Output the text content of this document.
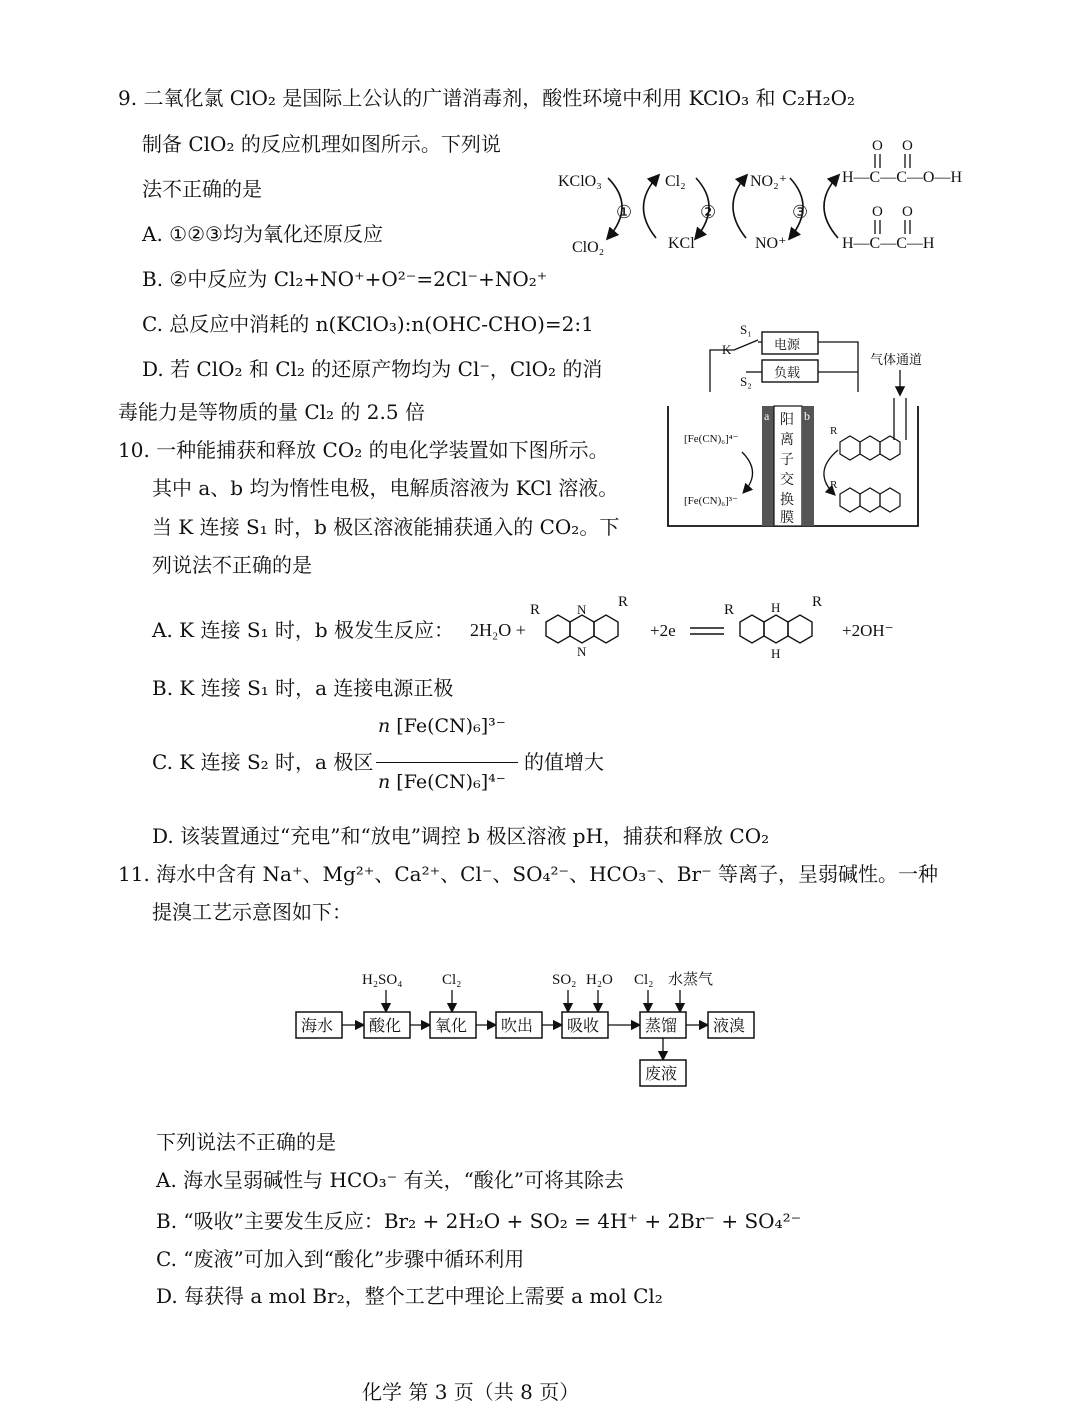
9. 二氧化氯 ClO₂ 是国际上公认的广谱消毒剂，酸性环境中利用 KClO₃ 和 C₂H₂O₂
制备 ClO₂ 的反应机理如图所示。下列说
法不正确的是
A. ①②③均为氧化还原反应
B. ②中反应为 Cl₂+NO⁺+O²⁻=2Cl⁻+NO₂⁺
C. 总反应中消耗的 n(KClO₃):n(OHC-CHO)=2:1
D. 若 ClO₂ 和 Cl₂ 的还原产物均为 Cl⁻，ClO₂ 的消
毒能力是等物质的量 Cl₂ 的 2.5 倍
KClO₃
ClO₂
Cl₂
KCl
NO₂⁺
NO⁺
①	②	③
H—C—C—O—H
O O
H—C—C—H
O O
10. 一种能捕获和释放 CO₂ 的电化学装置如下图所示。
其中 a、b 均为惰性电极，电解质溶液为 KCl 溶液。
当 K 连接 S₁ 时，b 极区溶液能捕获通入的 CO₂。下
列说法不正确的是
S₁
K
S₂
电源
负载
气体通道
阳
离
子
交
换
膜
a	b
[Fe(CN)₆]⁴⁻
[Fe(CN)₆]³⁻
R
R
A. K 连接 S₁ 时，b 极发生反应： 2H₂O +
R	N
N
R
+2e
R	H
H
R
+2OH⁻
B. K 连接 S₁ 时，a 连接电源正极
C. K 连接 S₂ 时，a 极区
n [Fe(CN)₆]³⁻
n [Fe(CN)₆]⁴⁻
的值增大
D. 该装置通过“充电”和“放电”调控 b 极区溶液 pH，捕获和释放 CO₂
11. 海水中含有 Na⁺、Mg²⁺、Ca²⁺、Cl⁻、SO₄²⁻、HCO₃⁻、Br⁻ 等离子，呈弱碱性。一种
提溴工艺示意图如下：
H₂SO₄	Cl₂	SO₂ H₂O Cl₂ 水蒸气
海水 酸化 氧化 吹出 吸收	蒸馏 液溴
废液
下列说法不正确的是
A. 海水呈弱碱性与 HCO₃⁻ 有关，“酸化”可将其除去
B. “吸收”主要发生反应：Br₂ + 2H₂O + SO₂ = 4H⁺ + 2Br⁻ + SO₄²⁻
C. “废液”可加入到“酸化”步骤中循环利用
D. 每获得 a mol Br₂，整个工艺中理论上需要 a mol Cl₂
化学 第 3 页（共 8 页）
